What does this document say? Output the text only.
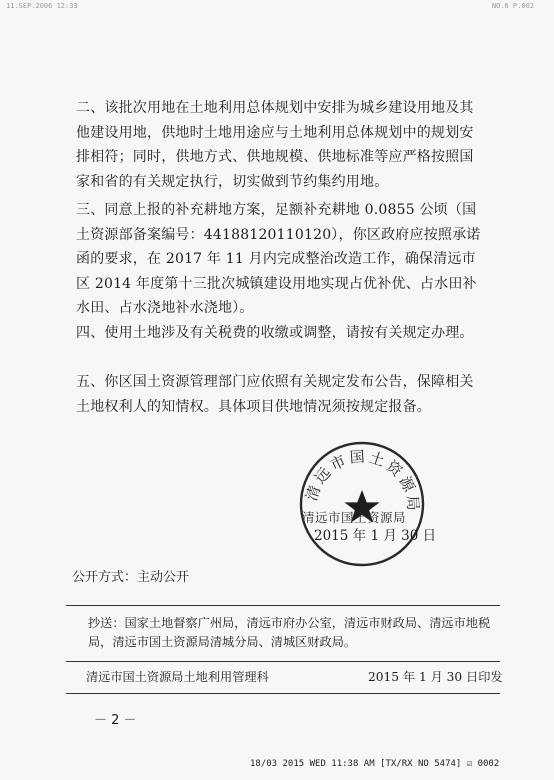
11.SEP.2006 12:33	NO.6 P.002

二、该批次用地在土地利用总体规划中安排为城乡建设用地及其他建设用地，供地时土地用途应与土地利用总体规划中的规划安排相符；同时，供地方式、供地规模、供地标准等应严格按照国家和省的有关规定执行，切实做到节约集约用地。

三、同意上报的补充耕地方案，足额补充耕地 0.0855 公顷（国土资源部备案编号：441881201101​20），你区政府应按照承诺函的要求，在 2017 年 11 月内完成整治改造工作，确保清远市区 2014 年度第十三批次城镇建设用地实现占优补优、占水田补水田、占水浇地补水浇地）。

四、使用土地涉及有关税费的收缴或调整，请按有关规定办理。

五、你区国土资源管理部门应依照有关规定发布公告，保障相关土地权利人的知情权。具体项目供地情况须按规定报备。

清远市国土资源局
清远市国土资源局
2015 年 1 月 30 日
公开方式：主动公开
抄送：国家土地督察广州局，清远市府办公室，清远市财政局、清远市地税局，清远市国土资源局清城分局、清城区财政局。
清远市国土资源局土地利用管理科	2015 年 1 月 30 日印发
－ 2 －
18/03 2015 WED 11:38 AM [TX/RX NO 5474] ☑ 0002
